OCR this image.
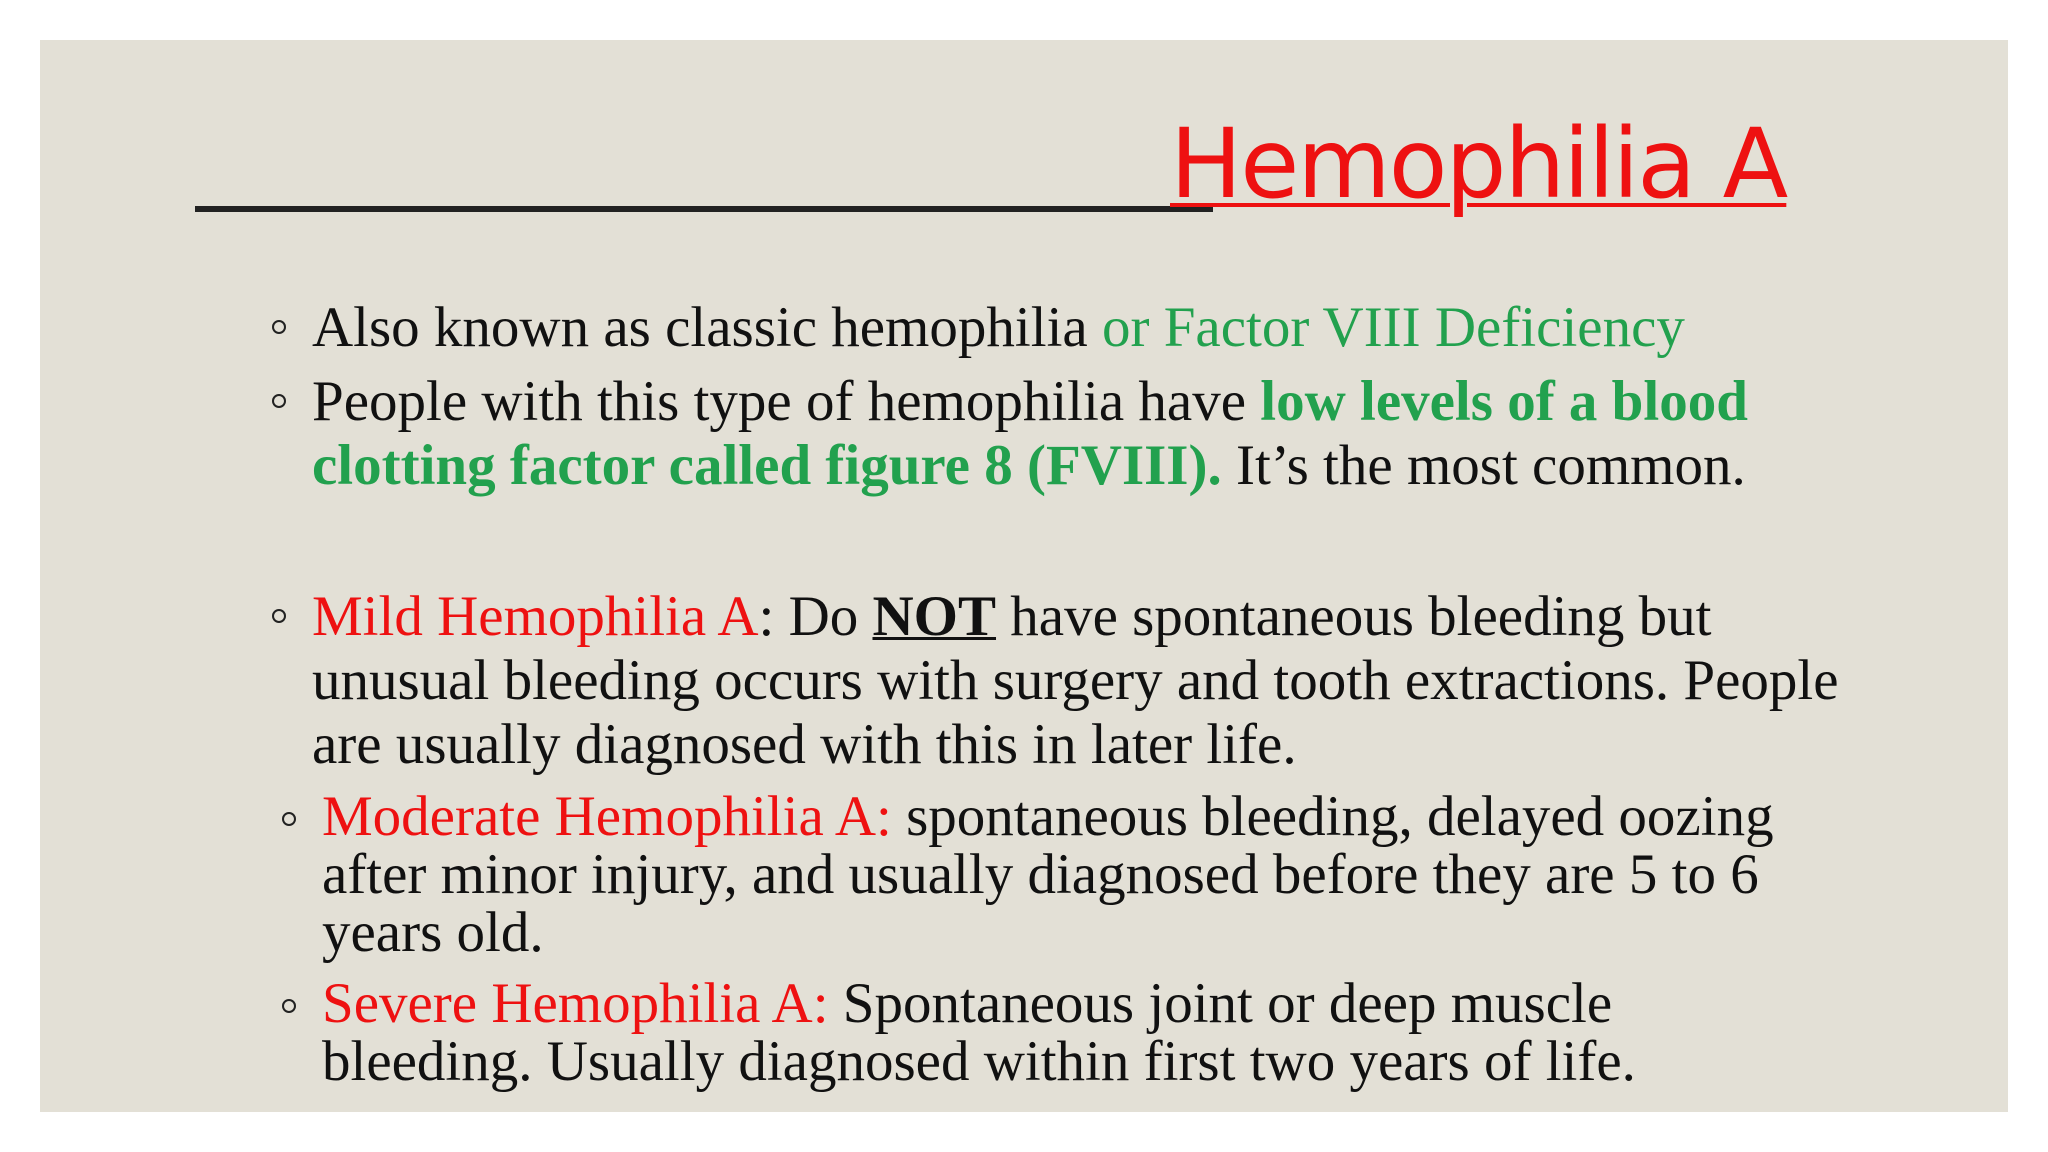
Hemophilia A
Also known as classic hemophilia or Factor VIII Deficiency
People with this type of hemophilia have low levels of a blood clotting factor called figure 8 (FVIII). It’s the most common.
Mild Hemophilia A: Do NOT have spontaneous bleeding but unusual bleeding occurs with surgery and tooth extractions. People are usually diagnosed with this in later life.
Moderate Hemophilia A: spontaneous bleeding, delayed oozing after minor injury, and usually diagnosed before they are 5 to 6 years old.
Severe Hemophilia A: Spontaneous joint or deep muscle bleeding. Usually diagnosed within first two years of life.
